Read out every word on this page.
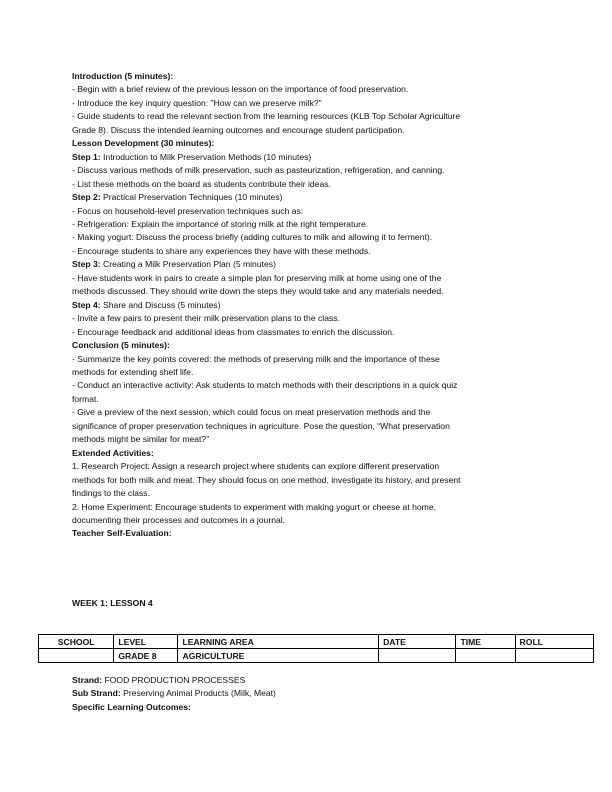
Introduction (5 minutes):
- Begin with a brief review of the previous lesson on the importance of food preservation.
- Introduce the key inquiry question: "How can we preserve milk?"
- Guide students to read the relevant section from the learning resources (KLB Top Scholar Agriculture
Grade 8). Discuss the intended learning outcomes and encourage student participation.
Lesson Development (30 minutes):
Step 1: Introduction to Milk Preservation Methods (10 minutes)
- Discuss various methods of milk preservation, such as pasteurization, refrigeration, and canning.
- List these methods on the board as students contribute their ideas.
Step 2: Practical Preservation Techniques (10 minutes)
- Focus on household-level preservation techniques such as:
- Refrigeration: Explain the importance of storing milk at the right temperature.
- Making yogurt: Discuss the process briefly (adding cultures to milk and allowing it to ferment).
- Encourage students to share any experiences they have with these methods.
Step 3: Creating a Milk Preservation Plan (5 minutes)
- Have students work in pairs to create a simple plan for preserving milk at home using one of the
methods discussed. They should write down the steps they would take and any materials needed.
Step 4: Share and Discuss (5 minutes)
- Invite a few pairs to present their milk preservation plans to the class.
- Encourage feedback and additional ideas from classmates to enrich the discussion.
Conclusion (5 minutes):
- Summarize the key points covered: the methods of preserving milk and the importance of these
methods for extending shelf life.
- Conduct an interactive activity: Ask students to match methods with their descriptions in a quick quiz
format.
- Give a preview of the next session, which could focus on meat preservation methods and the
significance of proper preservation techniques in agriculture. Pose the question, “What preservation
methods might be similar for meat?”
Extended Activities:
1. Research Project: Assign a research project where students can explore different preservation
methods for both milk and meat. They should focus on one method, investigate its history, and present
findings to the class.
2. Home Experiment: Encourage students to experiment with making yogurt or cheese at home,
documenting their processes and outcomes in a journal.
Teacher Self-Evaluation:
WEEK 1: LESSON 4
SCHOOL	LEVEL	LEARNING AREA	DATE	TIME	ROLL
	GRADE 8	AGRICULTURE			
Strand: FOOD PRODUCTION PROCESSES
Sub Strand: Preserving Animal Products (Milk, Meat)
Specific Learning Outcomes:
